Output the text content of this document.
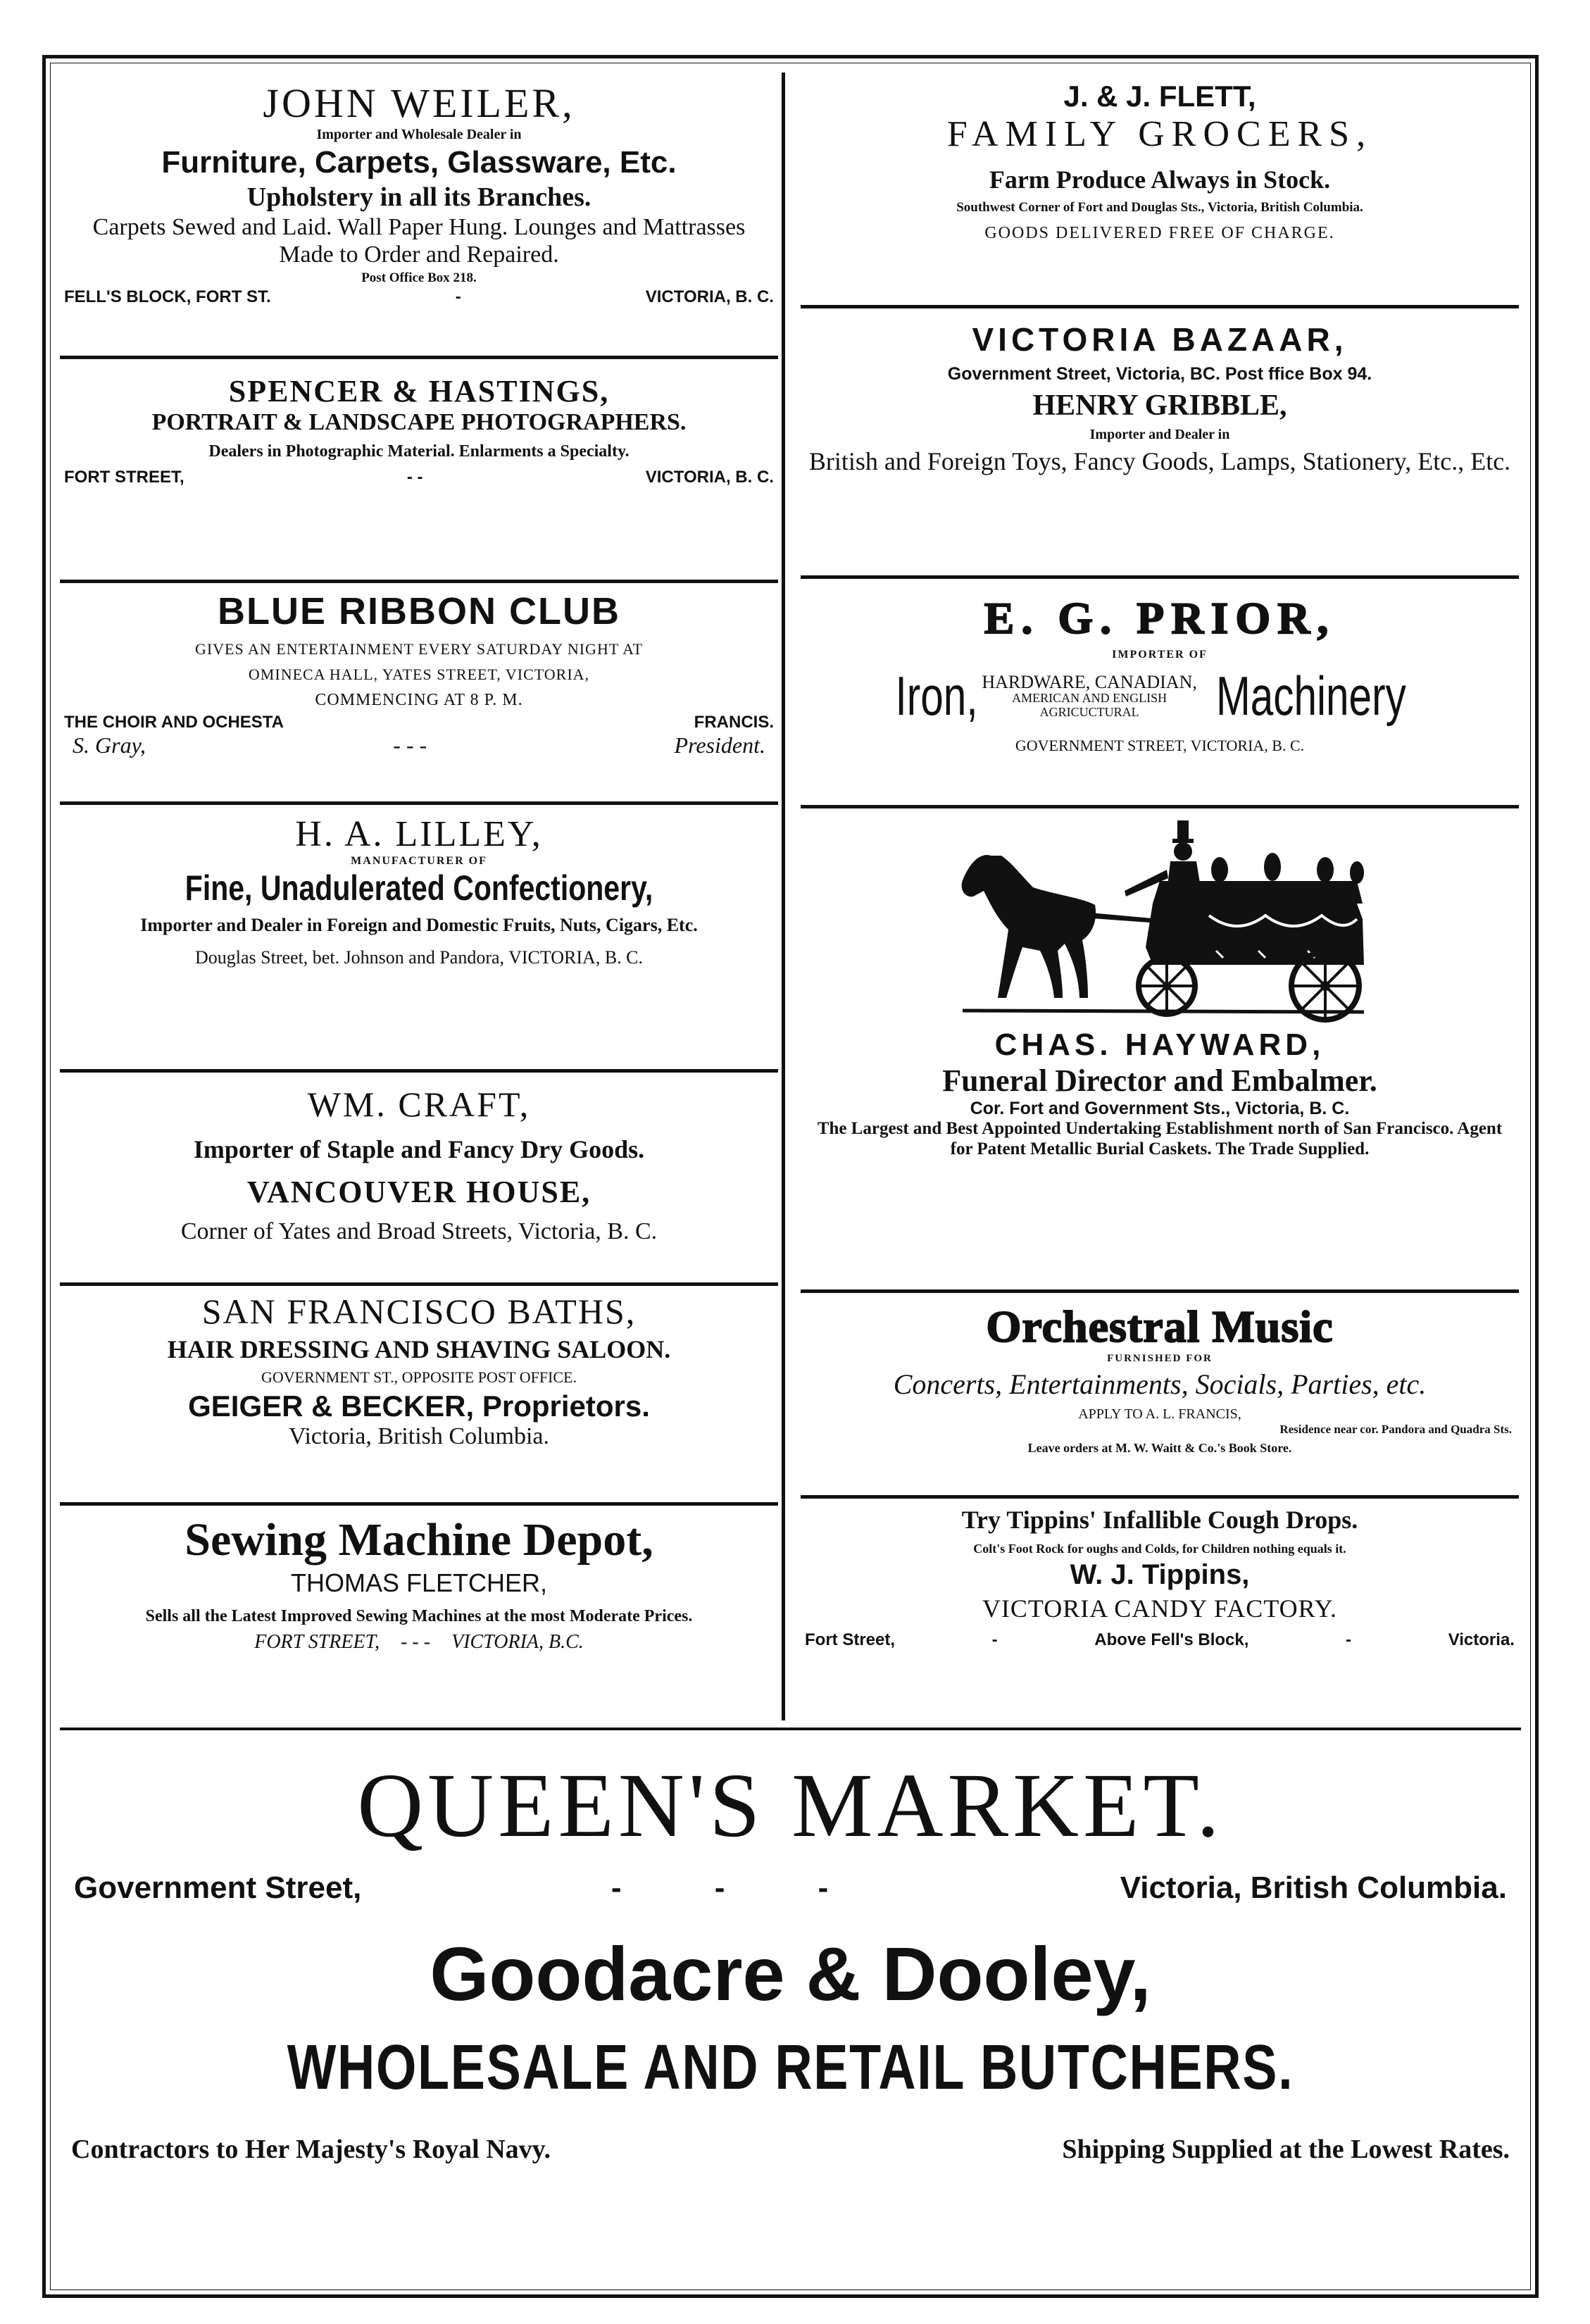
JOHN WEILER,
Importer and Wholesale Dealer in
Furniture, Carpets, Glassware, Etc.
Upholstery in all its Branches.
Carpets Sewed and Laid. Wall Paper Hung. Lounges and Mattrasses Made to Order and Repaired.
Post Office Box 218.
FELL'S BLOCK, FORT ST.	-	VICTORIA, B. C.
SPENCER & HASTINGS,
PORTRAIT & LANDSCAPE PHOTOGRAPHERS.
Dealers in Photographic Material. Enlarments a Specialty.
FORT STREET,	- -	VICTORIA, B. C.
BLUE RIBBON CLUB
GIVES AN ENTERTAINMENT EVERY SATURDAY NIGHT AT
OMINECA HALL, YATES STREET, VICTORIA,
COMMENCING AT 8 P. M.
THE CHOIR AND OCHESTA	FRANCIS.
S. Gray,	- - -	President.
H. A. LILLEY,
MANUFACTURER OF
Fine, Unadulerated Confectionery,
Importer and Dealer in Foreign and Domestic Fruits, Nuts, Cigars, Etc.
Douglas Street, bet. Johnson and Pandora, VICTORIA, B. C.
WM. CRAFT,
Importer of Staple and Fancy Dry Goods.
VANCOUVER HOUSE,
Corner of Yates and Broad Streets, Victoria, B. C.
SAN FRANCISCO BATHS,
HAIR DRESSING AND SHAVING SALOON.
GOVERNMENT ST., OPPOSITE POST OFFICE.
GEIGER & BECKER, Proprietors.
Victoria, British Columbia.
Sewing Machine Depot,
THOMAS FLETCHER,
Sells all the Latest Improved Sewing Machines at the most Moderate Prices.
FORT STREET, - - - VICTORIA, B.C.
J. & J. FLETT,
FAMILY GROCERS,
Farm Produce Always in Stock.
Southwest Corner of Fort and Douglas Sts., Victoria, British Columbia.
GOODS DELIVERED FREE OF CHARGE.
VICTORIA BAZAAR,
Government Street, Victoria, BC. Post ffice Box 94.
HENRY GRIBBLE,
Importer and Dealer in
British and Foreign Toys, Fancy Goods, Lamps, Stationery, Etc., Etc.
E. G. PRIOR,
IMPORTER OF
Iron, HARDWARE, CANADIAN,
AMERICAN AND ENGLISH
AGRICUCTURAL Machinery
GOVERNMENT STREET, VICTORIA, B. C.
CHAS. HAYWARD,
Funeral Director and Embalmer.
Cor. Fort and Government Sts., Victoria, B. C.
The Largest and Best Appointed Undertaking Establishment north of San Francisco. Agent for Patent Metallic Burial Caskets. The Trade Supplied.
Orchestral Music
FURNISHED FOR
Concerts, Entertainments, Socials, Parties, etc.
APPLY TO A. L. FRANCIS,
Residence near cor. Pandora and Quadra Sts.
Leave orders at M. W. Waitt & Co.'s Book Store.
Try Tippins' Infallible Cough Drops.
Colt's Foot Rock for oughs and Colds, for Children nothing equals it.
W. J. Tippins,
VICTORIA CANDY FACTORY.
Fort Street,	-	Above Fell's Block,	-	Victoria.
QUEEN'S MARKET.
Government Street,	- - -	Victoria, British Columbia.
Goodacre & Dooley,
WHOLESALE AND RETAIL BUTCHERS.
Contractors to Her Majesty's Royal Navy.	Shipping Supplied at the Lowest Rates.
